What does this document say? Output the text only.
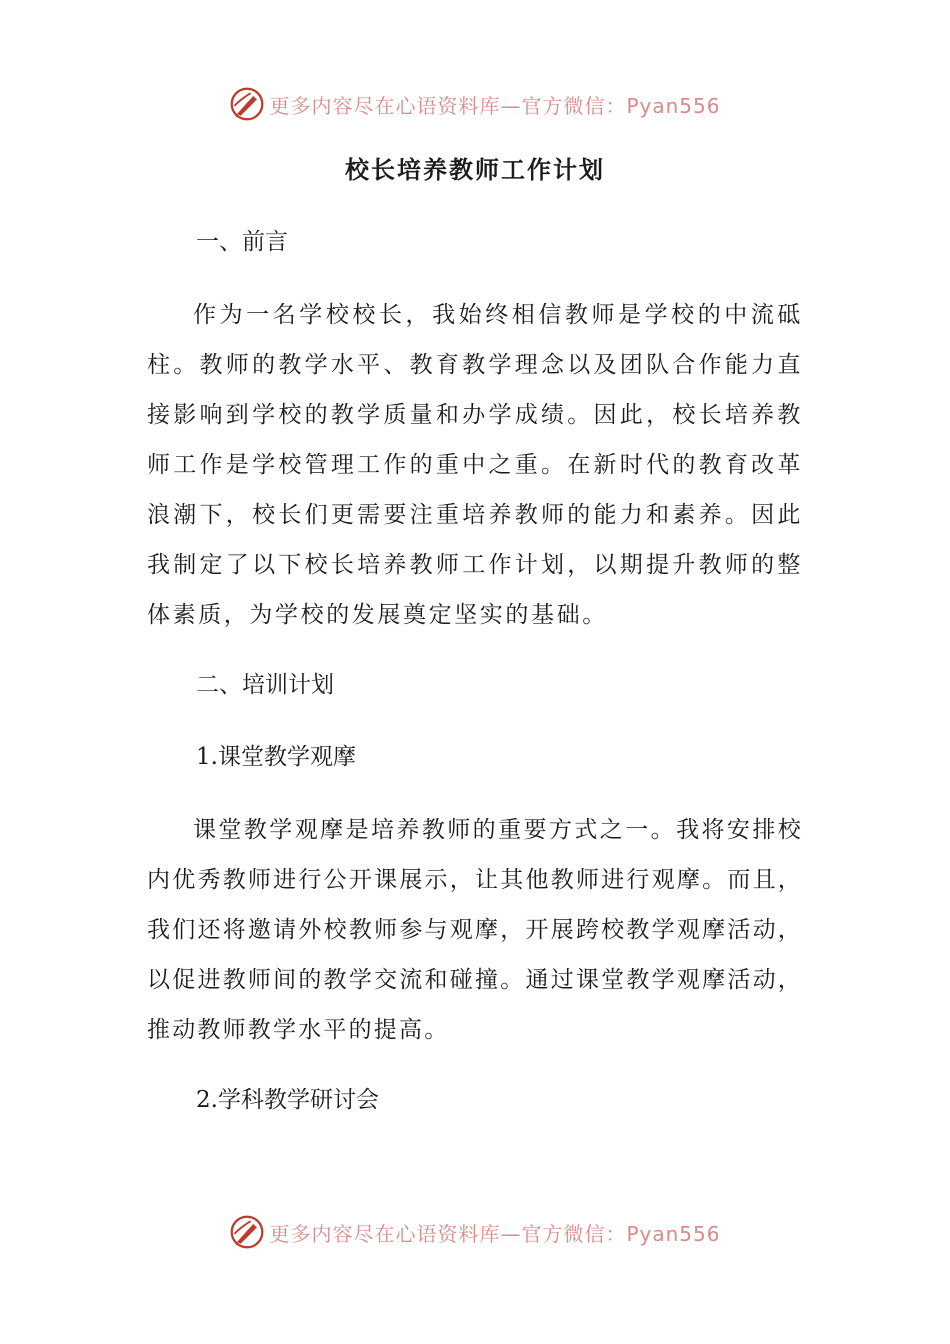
更多内容尽在心语资料库—官方微信：Pyan556
校长培养教师工作计划
一、前言
作为一名学校校长，我始终相信教师是学校的中流砥柱。教师的教学水平、教育教学理念以及团队合作能力直接影响到学校的教学质量和办学成绩。因此，校长培养教师工作是学校管理工作的重中之重。在新时代的教育改革浪潮下，校长们更需要注重培养教师的能力和素养。因此我制定了以下校长培养教师工作计划，以期提升教师的整体素质，为学校的发展奠定坚实的基础。
二、培训计划
1.课堂教学观摩
课堂教学观摩是培养教师的重要方式之一。我将安排校内优秀教师进行公开课展示，让其他教师进行观摩。而且，我们还将邀请外校教师参与观摩，开展跨校教学观摩活动，以促进教师间的教学交流和碰撞。通过课堂教学观摩活动，推动教师教学水平的提高。
2.学科教学研讨会
更多内容尽在心语资料库—官方微信：Pyan556
